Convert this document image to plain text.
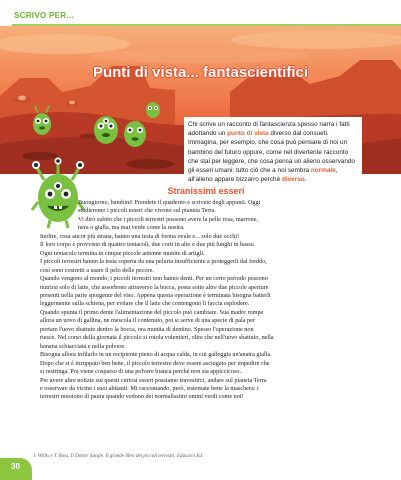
SCRIVO PER...
Punti di vista... fantascientifici
Chi scrive un racconto di fantascienza spesso narra i fatti adottando un punto di vista diverso dal consueti. Immagina, per esempio, che cosa può pensare di noi un bambino del futuro oppure, come nel divertente racconto che stai per leggere, che cosa pensa un alieno osservando gli esseri umani: tutto ciò che a noi sembra normale, all'alieno appare bizzarro perché diverso.
Stranissimi esseri

Buongiorno, bambini! Prendete il quaderno e scrivete degli appunti. Oggi

studieremo i piccoli esseri che vivono sul pianeta Terra.

Vi dirò subito che i piccoli terrestri possono avere la pelle rosa, marrone,

nera o gialla, ma mai verde come la nostra.

Inoltre, cosa ancor più strana, hanno una testa di forma ovale e... solo due occhi!

Il loro corpo è provvisto di quattro tentacoli, due corti in alto e due più lunghi in basso.

Ogni tentacolo termina in cinque piccole antenne munite di artigli.

I piccoli terrestri hanno la testa coperta da una peluria insufficiente a proteggerli dal freddo,

così sono costretti a usare il pelo delle pecore.

Quando vengono al mondo, i piccoli terrestri non hanno denti. Per un certo periodo possono

nutrirsi solo di latte, che assorbono attraverso la bocca, posta sotto altre due piccole aperture

presenti nella parte sporgente del viso. Appena questa operazione è terminata bisogna batterli

leggermente sulla schiena, per evitare che il latte che contengono li faccia esplodere.

Quando spunta il primo dente l'alimentazione del piccolo può cambiare. Sua madre rompe

allora un uovo di gallina, ne mescola il contenuto, poi si serve di una specie di pala per

portare l'uovo sbattuto dentro la bocca, ora munita di dentino. Spesso l'operazione non

riesce. Nel corso della giornata il piccolo si rotola volentieri, oltre che nell'uovo sbattuto, nella

banana schiacciata e nella polvere.

Bisogna allora infilarlo in un recipiente pieno di acqua calda, in cui galleggia un'anatra gialla.

Dopo che si è inzuppato ben bene, il piccolo terrestre deve essere asciugato per impedire che

si restringa. Poi viene cosparso di una polvere bianca perché non sia appiccicoso.

Per avere altre notizie sui questi curiosi esseri possiamo travestirci, andare sul pianeta Terra

e osservare da vicino i suoi abitanti. Mi raccomando, però, sistemate bene la maschera: i

terrestri muoiono di paura quando vedono dei normalissimi omini verdi come noi!

J. Willis e T. Ross, Il Dottor Xargle. Il grande libro dei piccoli terrestri, Educarci Ed.
30
